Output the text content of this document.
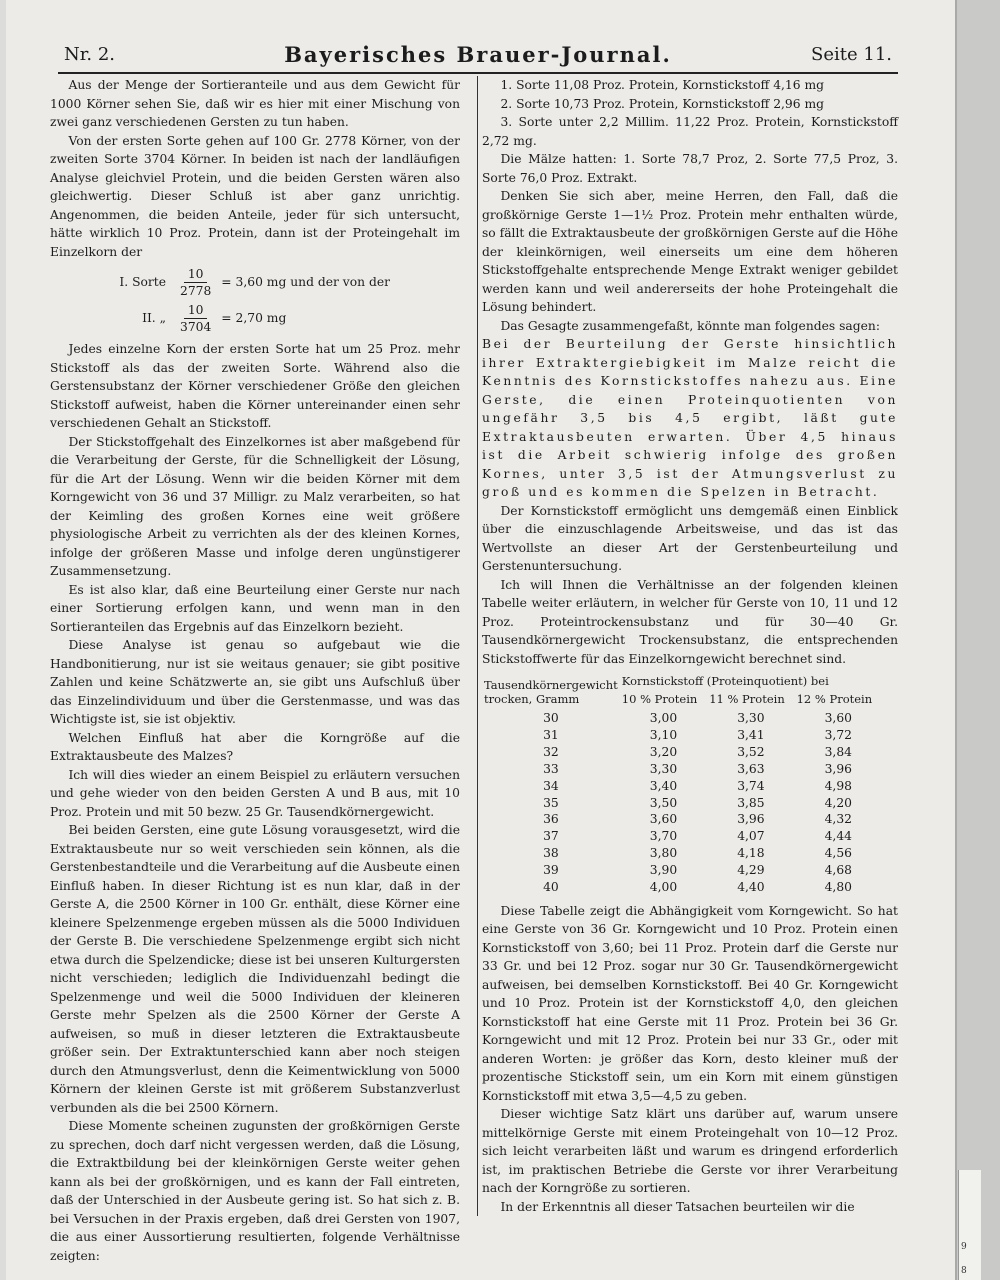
9
8
Nr. 2.	Bayerisches Brauer-Journal.	Seite 11.

Aus der Menge der Sortieranteile und aus dem Gewicht für 1000 Körner sehen Sie, daß wir es hier mit einer Mischung von zwei ganz verschiedenen Gersten zu tun haben.

Von der ersten Sorte gehen auf 100 Gr. 2778 Körner, von der zweiten Sorte 3704 Körner. In beiden ist nach der landläufigen Analyse gleichviel Protein, und die beiden Gersten wären also gleichwertig. Dieser Schluß ist aber ganz unrichtig. Angenommen, die beiden Anteile, jeder für sich untersucht, hätte wirklich 10 Proz. Protein, dann ist der Proteingehalt im Einzelkorn der

I. Sorte $\frac{10}{2778} = 3,60$ mg und der von der
II. „ $\frac{10}{3704} = 2,70$ mg

Jedes einzelne Korn der ersten Sorte hat um 25 Proz. mehr Stickstoff als das der zweiten Sorte. Während also die Gerstensubstanz der Körner verschiedener Größe den gleichen Stickstoff aufweist, haben die Körner untereinander einen sehr verschiedenen Gehalt an Stickstoff.

Der Stickstoffgehalt des Einzelkornes ist aber maßgebend für die Verarbeitung der Gerste, für die Schnelligkeit der Lösung, für die Art der Lösung. Wenn wir die beiden Körner mit dem Korngewicht von 36 und 37 Milligr. zu Malz verarbeiten, so hat der Keimling des großen Kornes eine weit größere physiologische Arbeit zu verrichten als der des kleinen Kornes, infolge der größeren Masse und infolge deren ungünstigerer Zusammensetzung.

Es ist also klar, daß eine Beurteilung einer Gerste nur nach einer Sortierung erfolgen kann, und wenn man in den Sortieranteilen das Ergebnis auf das Einzelkorn bezieht.

Diese Analyse ist genau so aufgebaut wie die Handbonitierung, nur ist sie weitaus genauer; sie gibt positive Zahlen und keine Schätzwerte an, sie gibt uns Aufschluß über das Einzelindividuum und über die Gerstenmasse, und was das Wichtigste ist, sie ist objektiv.

Welchen Einfluß hat aber die Korngröße auf die Extraktausbeute des Malzes?

Ich will dies wieder an einem Beispiel zu erläutern versuchen und gehe wieder von den beiden Gersten A und B aus, mit 10 Proz. Protein und mit 50 bezw. 25 Gr. Tausendkörnergewicht.

Bei beiden Gersten, eine gute Lösung vorausgesetzt, wird die Extraktausbeute nur so weit verschieden sein können, als die Gerstenbestandteile und die Verarbeitung auf die Ausbeute einen Einfluß haben. In dieser Richtung ist es nun klar, daß in der Gerste A, die 2500 Körner in 100 Gr. enthält, diese Körner eine kleinere Spelzenmenge ergeben müssen als die 5000 Individuen der Gerste B. Die verschiedene Spelzenmenge ergibt sich nicht etwa durch die Spelzendicke; diese ist bei unseren Kulturgersten nicht verschieden; lediglich die Individuenzahl bedingt die Spelzenmenge und weil die 5000 Individuen der kleineren Gerste mehr Spelzen als die 2500 Körner der Gerste A aufweisen, so muß in dieser letzteren die Extraktausbeute größer sein. Der Extraktunterschied kann aber noch steigen durch den Atmungsverlust, denn die Keimentwicklung von 5000 Körnern der kleinen Gerste ist mit größerem Substanzverlust verbunden als die bei 2500 Körnern.

Diese Momente scheinen zugunsten der großkörnigen Gerste zu sprechen, doch darf nicht vergessen werden, daß die Lösung, die Extraktbildung bei der kleinkörnigen Gerste weiter gehen kann als bei der großkörnigen, und es kann der Fall eintreten, daß der Unterschied in der Ausbeute gering ist. So hat sich z. B. bei Versuchen in der Praxis ergeben, daß drei Gersten von 1907, die aus einer Aussortierung resultierten, folgende Verhältnisse zeigten:

1. Sorte 11,08 Proz. Protein, Kornstickstoff 4,16 mg

2. Sorte 10,73 Proz. Protein, Kornstickstoff 2,96 mg

3. Sorte unter 2,2 Millim. 11,22 Proz. Protein, Kornstickstoff 2,72 mg.

Die Mälze hatten: 1. Sorte 78,7 Proz, 2. Sorte 77,5 Proz, 3. Sorte 76,0 Proz. Extrakt.

Denken Sie sich aber, meine Herren, den Fall, daß die großkörnige Gerste 1—1½ Proz. Protein mehr enthalten würde, so fällt die Extraktausbeute der großkörnigen Gerste auf die Höhe der kleinkörnigen, weil einerseits um eine dem höheren Stickstoffgehalte entsprechende Menge Extrakt weniger gebildet werden kann und weil andererseits der hohe Proteingehalt die Lösung behindert.

Das Gesagte zusammengefaßt, könnte man folgendes sagen:

Bei der Beurteilung der Gerste hinsichtlich ihrer Extraktergiebigkeit im Malze reicht die Kenntnis des Kornstickstoffes nahezu aus. Eine Gerste, die einen Proteinquotienten von ungefähr 3,5 bis 4,5 ergibt, läßt gute Extraktausbeuten erwarten. Über 4,5 hinaus ist die Arbeit schwierig infolge des großen Kornes, unter 3,5 ist der Atmungsverlust zu groß und es kommen die Spelzen in Betracht.

Der Kornstickstoff ermöglicht uns demgemäß einen Einblick über die einzuschlagende Arbeitsweise, und das ist das Wertvollste an dieser Art der Gerstenbeurteilung und Gerstenuntersuchung.

Ich will Ihnen die Verhältnisse an der folgenden kleinen Tabelle weiter erläutern, in welcher für Gerste von 10, 11 und 12 Proz. Proteintrockensubstanz und für 30—40 Gr. Tausendkörnergewicht Trockensubstanz, die entsprechenden Stickstoffwerte für das Einzelkorngewicht berechnet sind.

Tausendkörnergewicht trocken, Gramm	Kornstickstoff (Proteinquotient) bei		
	10 % Protein	11 % Protein	12 % Protein
30	3,00	3,30	3,60
31	3,10	3,41	3,72
32	3,20	3,52	3,84
33	3,30	3,63	3,96
34	3,40	3,74	4,98
35	3,50	3,85	4,20
36	3,60	3,96	4,32
37	3,70	4,07	4,44
38	3,80	4,18	4,56
39	3,90	4,29	4,68
40	4,00	4,40	4,80

Diese Tabelle zeigt die Abhängigkeit vom Korngewicht. So hat eine Gerste von 36 Gr. Korngewicht und 10 Proz. Protein einen Kornstickstoff von 3,60; bei 11 Proz. Protein darf die Gerste nur 33 Gr. und bei 12 Proz. sogar nur 30 Gr. Tausendkörnergewicht aufweisen, bei demselben Kornstickstoff. Bei 40 Gr. Korngewicht und 10 Proz. Protein ist der Kornstickstoff 4,0, den gleichen Kornstickstoff hat eine Gerste mit 11 Proz. Protein bei 36 Gr. Korngewicht und mit 12 Proz. Protein bei nur 33 Gr., oder mit anderen Worten: je größer das Korn, desto kleiner muß der prozentische Stickstoff sein, um ein Korn mit einem günstigen Kornstickstoff mit etwa 3,5—4,5 zu geben.

Dieser wichtige Satz klärt uns darüber auf, warum unsere mittelkörnige Gerste mit einem Proteingehalt von 10—12 Proz. sich leicht verarbeiten läßt und warum es dringend erforderlich ist, im praktischen Betriebe die Gerste vor ihrer Verarbeitung nach der Korngröße zu sortieren.

In der Erkenntnis all dieser Tatsachen beurteilen wir die
